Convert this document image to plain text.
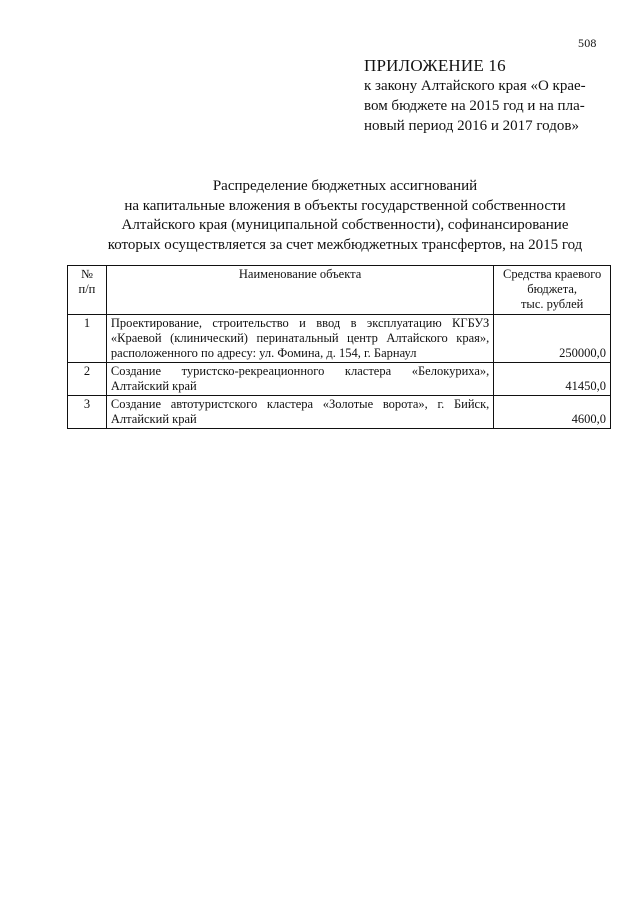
508
ПРИЛОЖЕНИЕ 16
к закону Алтайского края «О крае-
вом бюджете на 2015 год и на пла-
новый период 2016 и 2017 годов»
Распределение бюджетных ассигнований
на капитальные вложения в объекты государственной собственности
Алтайского края (муниципальной собственности), софинансирование
которых осуществляется за счет межбюджетных трансфертов, на 2015 год
№
п/п	Наименование объекта	Средства краевого
бюджета,
тыс. рублей

1	Проектирование, строительство и ввод в эксплуатацию КГБУЗ «Краевой (клинический) перинатальный центр Алтайского края», расположенного по адресу: ул. Фомина, д. 154, г. Барнаул	250000,0
2	Создание туристско-рекреационного кластера «Белокуриха», Алтайский край	41450,0
3	Создание автотуристского кластера «Золотые ворота», г. Бийск, Алтайский край	4600,0
